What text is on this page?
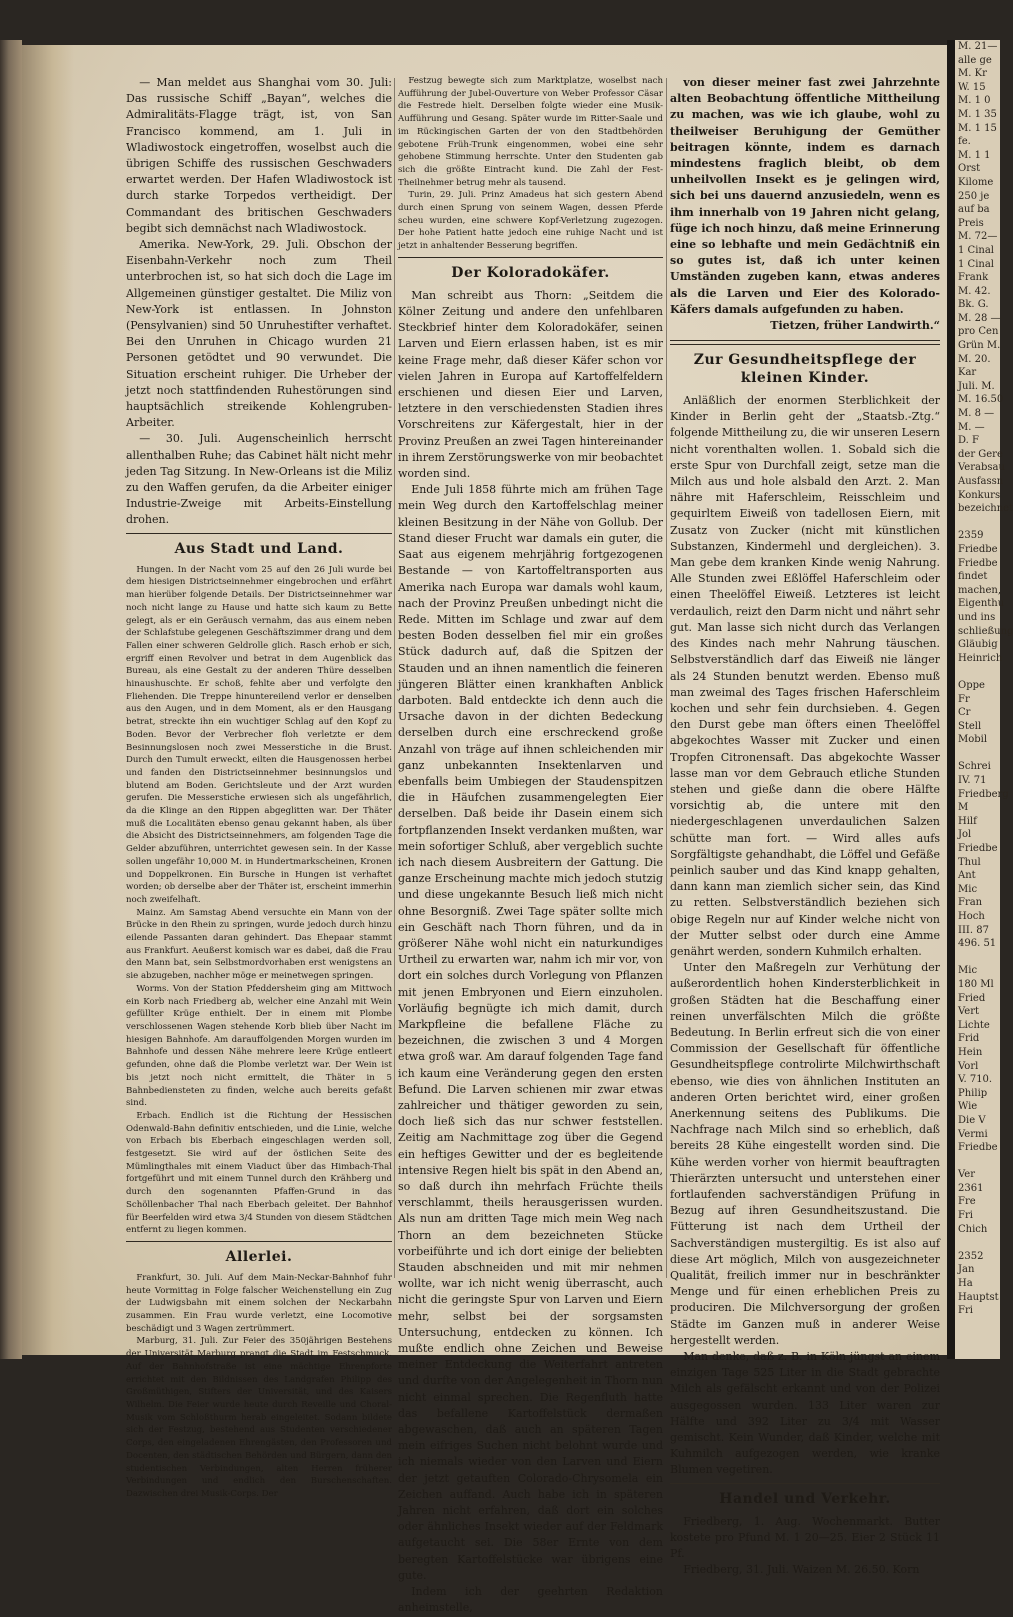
M. 21—
alle ge
M. Kr
W. 15
M. 1 0
M. 1 35
M. 1 15
fe.
M. 1 1
Orst
Kilome
250 je
auf ba
Preis
M. 72—
1 Cinal
1 Cinal
Frank
M. 42.
Bk. G.
M. 28 —
pro Cen
Grün M.
M. 20.
Kar
Juli. M.
M. 16.50
M. 8 —
M. —
D. F
der Gere
Verabsau
Ausfassn
Konkurs
bezeichnet

2359
Friedbe
Friedbe
findet
machen,
Eigenthu
und ins
schließung
Gläubig
Heinrich

Oppe
Fr
Cr
Stell
Mobil

Schrei
IV. 71
Friedberg
M
Hilf
Jol
Friedbe
Thul
Ant
Mic
Fran
Hoch
III. 87
496. 51

Mic
180 Ml
Fried
Vert
Lichte
Frid
Hein
Vorl
V. 710.
Philip
Wie
Die V
Vermi
Friedbe

Ver
2361
Fre
Fri
Chich

2352
Jan
Ha
Hauptst
Fri

— Man meldet aus Shanghai vom 30. Juli: Das russische Schiff „Bayan“, welches die Admiralitäts-Flagge trägt, ist, von San Francisco kommend, am 1. Juli in Wladiwostock eingetroffen, woselbst auch die übrigen Schiffe des russischen Geschwaders erwartet werden. Der Hafen Wladiwostock ist durch starke Torpedos vertheidigt. Der Commandant des britischen Geschwaders begibt sich demnächst nach Wladiwostock.

Amerika. New-York, 29. Juli. Obschon der Eisenbahn-Verkehr noch zum Theil unterbrochen ist, so hat sich doch die Lage im Allgemeinen günstiger gestaltet. Die Miliz von New-York ist entlassen. In Johnston (Pensylvanien) sind 50 Unruhestifter verhaftet. Bei den Unruhen in Chicago wurden 21 Personen getödtet und 90 verwundet. Die Situation erscheint ruhiger. Die Urheber der jetzt noch stattfindenden Ruhestörungen sind hauptsächlich streikende Kohlengruben-Arbeiter.

— 30. Juli. Augenscheinlich herrscht allenthalben Ruhe; das Cabinet hält nicht mehr jeden Tag Sitzung. In New-Orleans ist die Miliz zu den Waffen gerufen, da die Arbeiter einiger Industrie-Zweige mit Arbeits-Einstellung drohen.

Aus Stadt und Land.

Hungen. In der Nacht vom 25 auf den 26 Juli wurde bei dem hiesigen Districtseinnehmer eingebrochen und erfährt man hierüber folgende Details. Der Districtseinnehmer war noch nicht lange zu Hause und hatte sich kaum zu Bette gelegt, als er ein Geräusch vernahm, das aus einem neben der Schlafstube gelegenen Geschäftszimmer drang und dem Fallen einer schweren Geldrolle glich. Rasch erhob er sich, ergriff einen Revolver und betrat in dem Augenblick das Bureau, als eine Gestalt zu der anderen Thüre desselben hinaushuschte. Er schoß, fehlte aber und verfolgte den Fliehenden. Die Treppe hinuntereilend verlor er denselben aus den Augen, und in dem Moment, als er den Hausgang betrat, streckte ihn ein wuchtiger Schlag auf den Kopf zu Boden. Bevor der Verbrecher floh verletzte er dem Besinnungslosen noch zwei Messerstiche in die Brust. Durch den Tumult erweckt, eilten die Hausgenossen herbei und fanden den Districtseinnehmer besinnungslos und blutend am Boden. Gerichtsleute und der Arzt wurden gerufen. Die Messerstiche erwiesen sich als ungefährlich, da die Klinge an den Rippen abgeglitten war. Der Thäter muß die Localitäten ebenso genau gekannt haben, als über die Absicht des Districtseinnehmers, am folgenden Tage die Gelder abzuführen, unterrichtet gewesen sein. In der Kasse sollen ungefähr 10,000 M. in Hundertmarkscheinen, Kronen und Doppelkronen. Ein Bursche in Hungen ist verhaftet worden; ob derselbe aber der Thäter ist, erscheint immerhin noch zweifelhaft.

Mainz. Am Samstag Abend versuchte ein Mann von der Brücke in den Rhein zu springen, wurde jedoch durch hinzu eilende Passanten daran gehindert. Das Ehepaar stammt aus Frankfurt. Aeußerst komisch war es dabei, daß die Frau den Mann bat, sein Selbstmordvorhaben erst wenigstens an sie abzugeben, nachher möge er meinetwegen springen.

Worms. Von der Station Pfeddersheim ging am Mittwoch ein Korb nach Friedberg ab, welcher eine Anzahl mit Wein gefüllter Krüge enthielt. Der in einem mit Plombe verschlossenen Wagen stehende Korb blieb über Nacht im hiesigen Bahnhofe. Am darauffolgenden Morgen wurden im Bahnhofe und dessen Nähe mehrere leere Krüge entleert gefunden, ohne daß die Plombe verletzt war. Der Wein ist bis jetzt noch nicht ermittelt, die Thäter in 5 Bahnbediensteten zu finden, welche auch bereits gefaßt sind.

Erbach. Endlich ist die Richtung der Hessischen Odenwald-Bahn definitiv entschieden, und die Linie, welche von Erbach bis Eberbach eingeschlagen werden soll, festgesetzt. Sie wird auf der östlichen Seite des Mümlingthales mit einem Viaduct über das Himbach-Thal fortgeführt und mit einem Tunnel durch den Krähberg und durch den sogenannten Pfaffen-Grund in das Schöllenbacher Thal nach Eberbach geleitet. Der Bahnhof für Beerfelden wird etwa 3/4 Stunden von diesem Städtchen entfernt zu liegen kommen.

Allerlei.

Frankfurt, 30. Juli. Auf dem Main-Neckar-Bahnhof fuhr heute Vormittag in Folge falscher Weichenstellung ein Zug der Ludwigsbahn mit einem solchen der Neckarbahn zusammen. Ein Frau wurde verletzt, eine Locomotive beschädigt und 3 Wagen zertrümmert.

Marburg, 31. Juli. Zur Feier des 350jährigen Bestehens der Universität Marburg prangt die Stadt im Festschmuck. Auf der Bahnhofstraße ist eine mächtige Ehrenpforte errichtet mit den Bildnissen des Landgrafen Philipp des Großmüthigen, Stifters der Universität, und des Kaisers Wilhelm. Die Feier wurde heute durch Reveille und Choral-Musik vom Schloßthurm herab eingeleitet. Sodann bildete sich der Festzug, bestehend aus Studenten verschiedener Corps, den eingeladenen Ehrengästen, den Professoren und Docenten, den städtischen Behörden und Bürgern, dann den studentischen Verbindungen, alten Herren früherer Verbindungen und endlich den Burschenschaften. Dazwischen drei Musik-Corps. Der

Festzug bewegte sich zum Marktplatze, woselbst nach Aufführung der Jubel-Ouverture von Weber Professor Cäsar die Festrede hielt. Derselben folgte wieder eine Musik-Aufführung und Gesang. Später wurde im Ritter-Saale und im Rückingischen Garten der von den Stadtbehörden gebotene Früh-Trunk eingenommen, wobei eine sehr gehobene Stimmung herrschte. Unter den Studenten gab sich die größte Eintracht kund. Die Zahl der Fest-Theilnehmer betrug mehr als tausend.

Turin, 29. Juli. Prinz Amadeus hat sich gestern Abend durch einen Sprung von seinem Wagen, dessen Pferde scheu wurden, eine schwere Kopf-Verletzung zugezogen. Der hohe Patient hatte jedoch eine ruhige Nacht und ist jetzt in anhaltender Besserung begriffen.

Der Koloradokäfer.

Man schreibt aus Thorn: „Seitdem die Kölner Zeitung und andere den unfehlbaren Steckbrief hinter dem Koloradokäfer, seinen Larven und Eiern erlassen haben, ist es mir keine Frage mehr, daß dieser Käfer schon vor vielen Jahren in Europa auf Kartoffelfeldern erschienen und diesen Eier und Larven, letztere in den verschiedensten Stadien ihres Vorschreitens zur Käfergestalt, hier in der Provinz Preußen an zwei Tagen hintereinander in ihrem Zerstörungswerke von mir beobachtet worden sind.

Ende Juli 1858 führte mich am frühen Tage mein Weg durch den Kartoffelschlag meiner kleinen Besitzung in der Nähe von Gollub. Der Stand dieser Frucht war damals ein guter, die Saat aus eigenem mehrjährig fortgezogenen Bestande — von Kartoffeltransporten aus Amerika nach Europa war damals wohl kaum, nach der Provinz Preußen unbedingt nicht die Rede. Mitten im Schlage und zwar auf dem besten Boden desselben fiel mir ein großes Stück dadurch auf, daß die Spitzen der Stauden und an ihnen namentlich die feineren jüngeren Blätter einen krankhaften Anblick darboten. Bald entdeckte ich denn auch die Ursache davon in der dichten Bedeckung derselben durch eine erschreckend große Anzahl von träge auf ihnen schleichenden mir ganz unbekannten Insektenlarven und ebenfalls beim Umbiegen der Staudenspitzen die in Häufchen zusammengelegten Eier derselben. Daß beide ihr Dasein einem sich fortpflanzenden Insekt verdanken mußten, war mein sofortiger Schluß, aber vergeblich suchte ich nach diesem Ausbreitern der Gattung. Die ganze Erscheinung machte mich jedoch stutzig und diese ungekannte Besuch ließ mich nicht ohne Besorgniß. Zwei Tage später sollte mich ein Geschäft nach Thorn führen, und da in größerer Nähe wohl nicht ein naturkundiges Urtheil zu erwarten war, nahm ich mir vor, von dort ein solches durch Vorlegung von Pflanzen mit jenen Embryonen und Eiern einzuholen. Vorläufig begnügte ich mich damit, durch Markpfleine die befallene Fläche zu bezeichnen, die zwischen 3 und 4 Morgen etwa groß war. Am darauf folgenden Tage fand ich kaum eine Veränderung gegen den ersten Befund. Die Larven schienen mir zwar etwas zahlreicher und thätiger geworden zu sein, doch ließ sich das nur schwer feststellen. Zeitig am Nachmittage zog über die Gegend ein heftiges Gewitter und der es begleitende intensive Regen hielt bis spät in den Abend an, so daß durch ihn mehrfach Früchte theils verschlammt, theils herausgerissen wurden. Als nun am dritten Tage mich mein Weg nach Thorn an dem bezeichneten Stücke vorbeiführte und ich dort einige der beliebten Stauden abschneiden und mit mir nehmen wollte, war ich nicht wenig überrascht, auch nicht die geringste Spur von Larven und Eiern mehr, selbst bei der sorgsamsten Untersuchung, entdecken zu können. Ich mußte endlich ohne Zeichen und Beweise meiner Entdeckung die Weiterfahrt antreten und durfte von der Angelegenheit in Thorn nun nicht einmal sprechen. Die Regenfluth hatte das befallene Kartoffelstück dermaßen abgewaschen, daß auch an späteren Tagen mein eifriges Suchen nicht belohnt wurde und ich niemals wieder von den Larven und Eiern der jetzt getauften Colorado-Chrysomela ein Zeichen auffand. Auch habe ich in späteren Jahren nicht erfahren, daß dort ein solches oder ähnliches Insekt wieder auf der Feldmark aufgetaucht sei. Die 58er Ernte von dem beregten Kartoffelstücke war übrigens eine gute.

Indem ich der geehrten Redaktion anheimstelle,

von dieser meiner fast zwei Jahrzehnte alten Beobachtung öffentliche Mittheilung zu machen, was wie ich glaube, wohl zu theilweiser Beruhigung der Gemüther beitragen könnte, indem es darnach mindestens fraglich bleibt, ob dem unheilvollen Insekt es je gelingen wird, sich bei uns dauernd anzusiedeln, wenn es ihm innerhalb von 19 Jahren nicht gelang, füge ich noch hinzu, daß meine Erinnerung eine so lebhafte und mein Gedächtniß ein so gutes ist, daß ich unter keinen Umständen zugeben kann, etwas anderes als die Larven und Eier des Kolorado-Käfers damals aufgefunden zu haben.

Tietzen, früher Landwirth.“
Zur Gesundheitspflege der kleinen Kinder.

Anläßlich der enormen Sterblichkeit der Kinder in Berlin geht der „Staatsb.-Ztg.“ folgende Mittheilung zu, die wir unseren Lesern nicht vorenthalten wollen. 1. Sobald sich die erste Spur von Durchfall zeigt, setze man die Milch aus und hole alsbald den Arzt. 2. Man nähre mit Haferschleim, Reisschleim und gequirltem Eiweiß von tadellosen Eiern, mit Zusatz von Zucker (nicht mit künstlichen Substanzen, Kindermehl und dergleichen). 3. Man gebe dem kranken Kinde wenig Nahrung. Alle Stunden zwei Eßlöffel Haferschleim oder einen Theelöffel Eiweiß. Letzteres ist leicht verdaulich, reizt den Darm nicht und nährt sehr gut. Man lasse sich nicht durch das Verlangen des Kindes nach mehr Nahrung täuschen. Selbstverständlich darf das Eiweiß nie länger als 24 Stunden benutzt werden. Ebenso muß man zweimal des Tages frischen Haferschleim kochen und sehr fein durchsieben. 4. Gegen den Durst gebe man öfters einen Theelöffel abgekochtes Wasser mit Zucker und einen Tropfen Citronensaft. Das abgekochte Wasser lasse man vor dem Gebrauch etliche Stunden stehen und gieße dann die obere Hälfte vorsichtig ab, die untere mit den niedergeschlagenen unverdaulichen Salzen schütte man fort. — Wird alles aufs Sorgfältigste gehandhabt, die Löffel und Gefäße peinlich sauber und das Kind knapp gehalten, dann kann man ziemlich sicher sein, das Kind zu retten. Selbstverständlich beziehen sich obige Regeln nur auf Kinder welche nicht von der Mutter selbst oder durch eine Amme genährt werden, sondern Kuhmilch erhalten.

Unter den Maßregeln zur Verhütung der außerordentlich hohen Kindersterblichkeit in großen Städten hat die Beschaffung einer reinen unverfälschten Milch die größte Bedeutung. In Berlin erfreut sich die von einer Commission der Gesellschaft für öffentliche Gesundheitspflege controlirte Milchwirthschaft ebenso, wie dies von ähnlichen Instituten an anderen Orten berichtet wird, einer großen Anerkennung seitens des Publikums. Die Nachfrage nach Milch sind so erheblich, daß bereits 28 Kühe eingestellt worden sind. Die Kühe werden vorher von hiermit beauftragten Thierärzten untersucht und unterstehen einer fortlaufenden sachverständigen Prüfung in Bezug auf ihren Gesundheitszustand. Die Fütterung ist nach dem Urtheil der Sachverständigen mustergiltig. Es ist also auf diese Art möglich, Milch von ausgezeichneter Qualität, freilich immer nur in beschränkter Menge und für einen erheblichen Preis zu produciren. Die Milchversorgung der großen Städte im Ganzen muß in anderer Weise hergestellt werden.

Man denke, daß z. B. in Köln jüngst an einem einzigen Tage 525 Liter in die Stadt gebrachte Milch als gefälscht erkannt und von der Polizei ausgegossen wurden. 133 Liter waren zur Hälfte und 392 Liter zu 3/4 mit Wasser gemischt. Kein Wunder, daß Kinder, welche mit Kuhmilch aufgezogen werden, wie kranke Blumen vegetiren.

Handel und Verkehr.

Friedberg, 1. Aug. Wochenmarkt. Butter kostete pro Pfund M. 1 20—25. Eier 2 Stück 11 Pf.

Friedberg, 31. Juli. Waizen M. 26.50. Korn
